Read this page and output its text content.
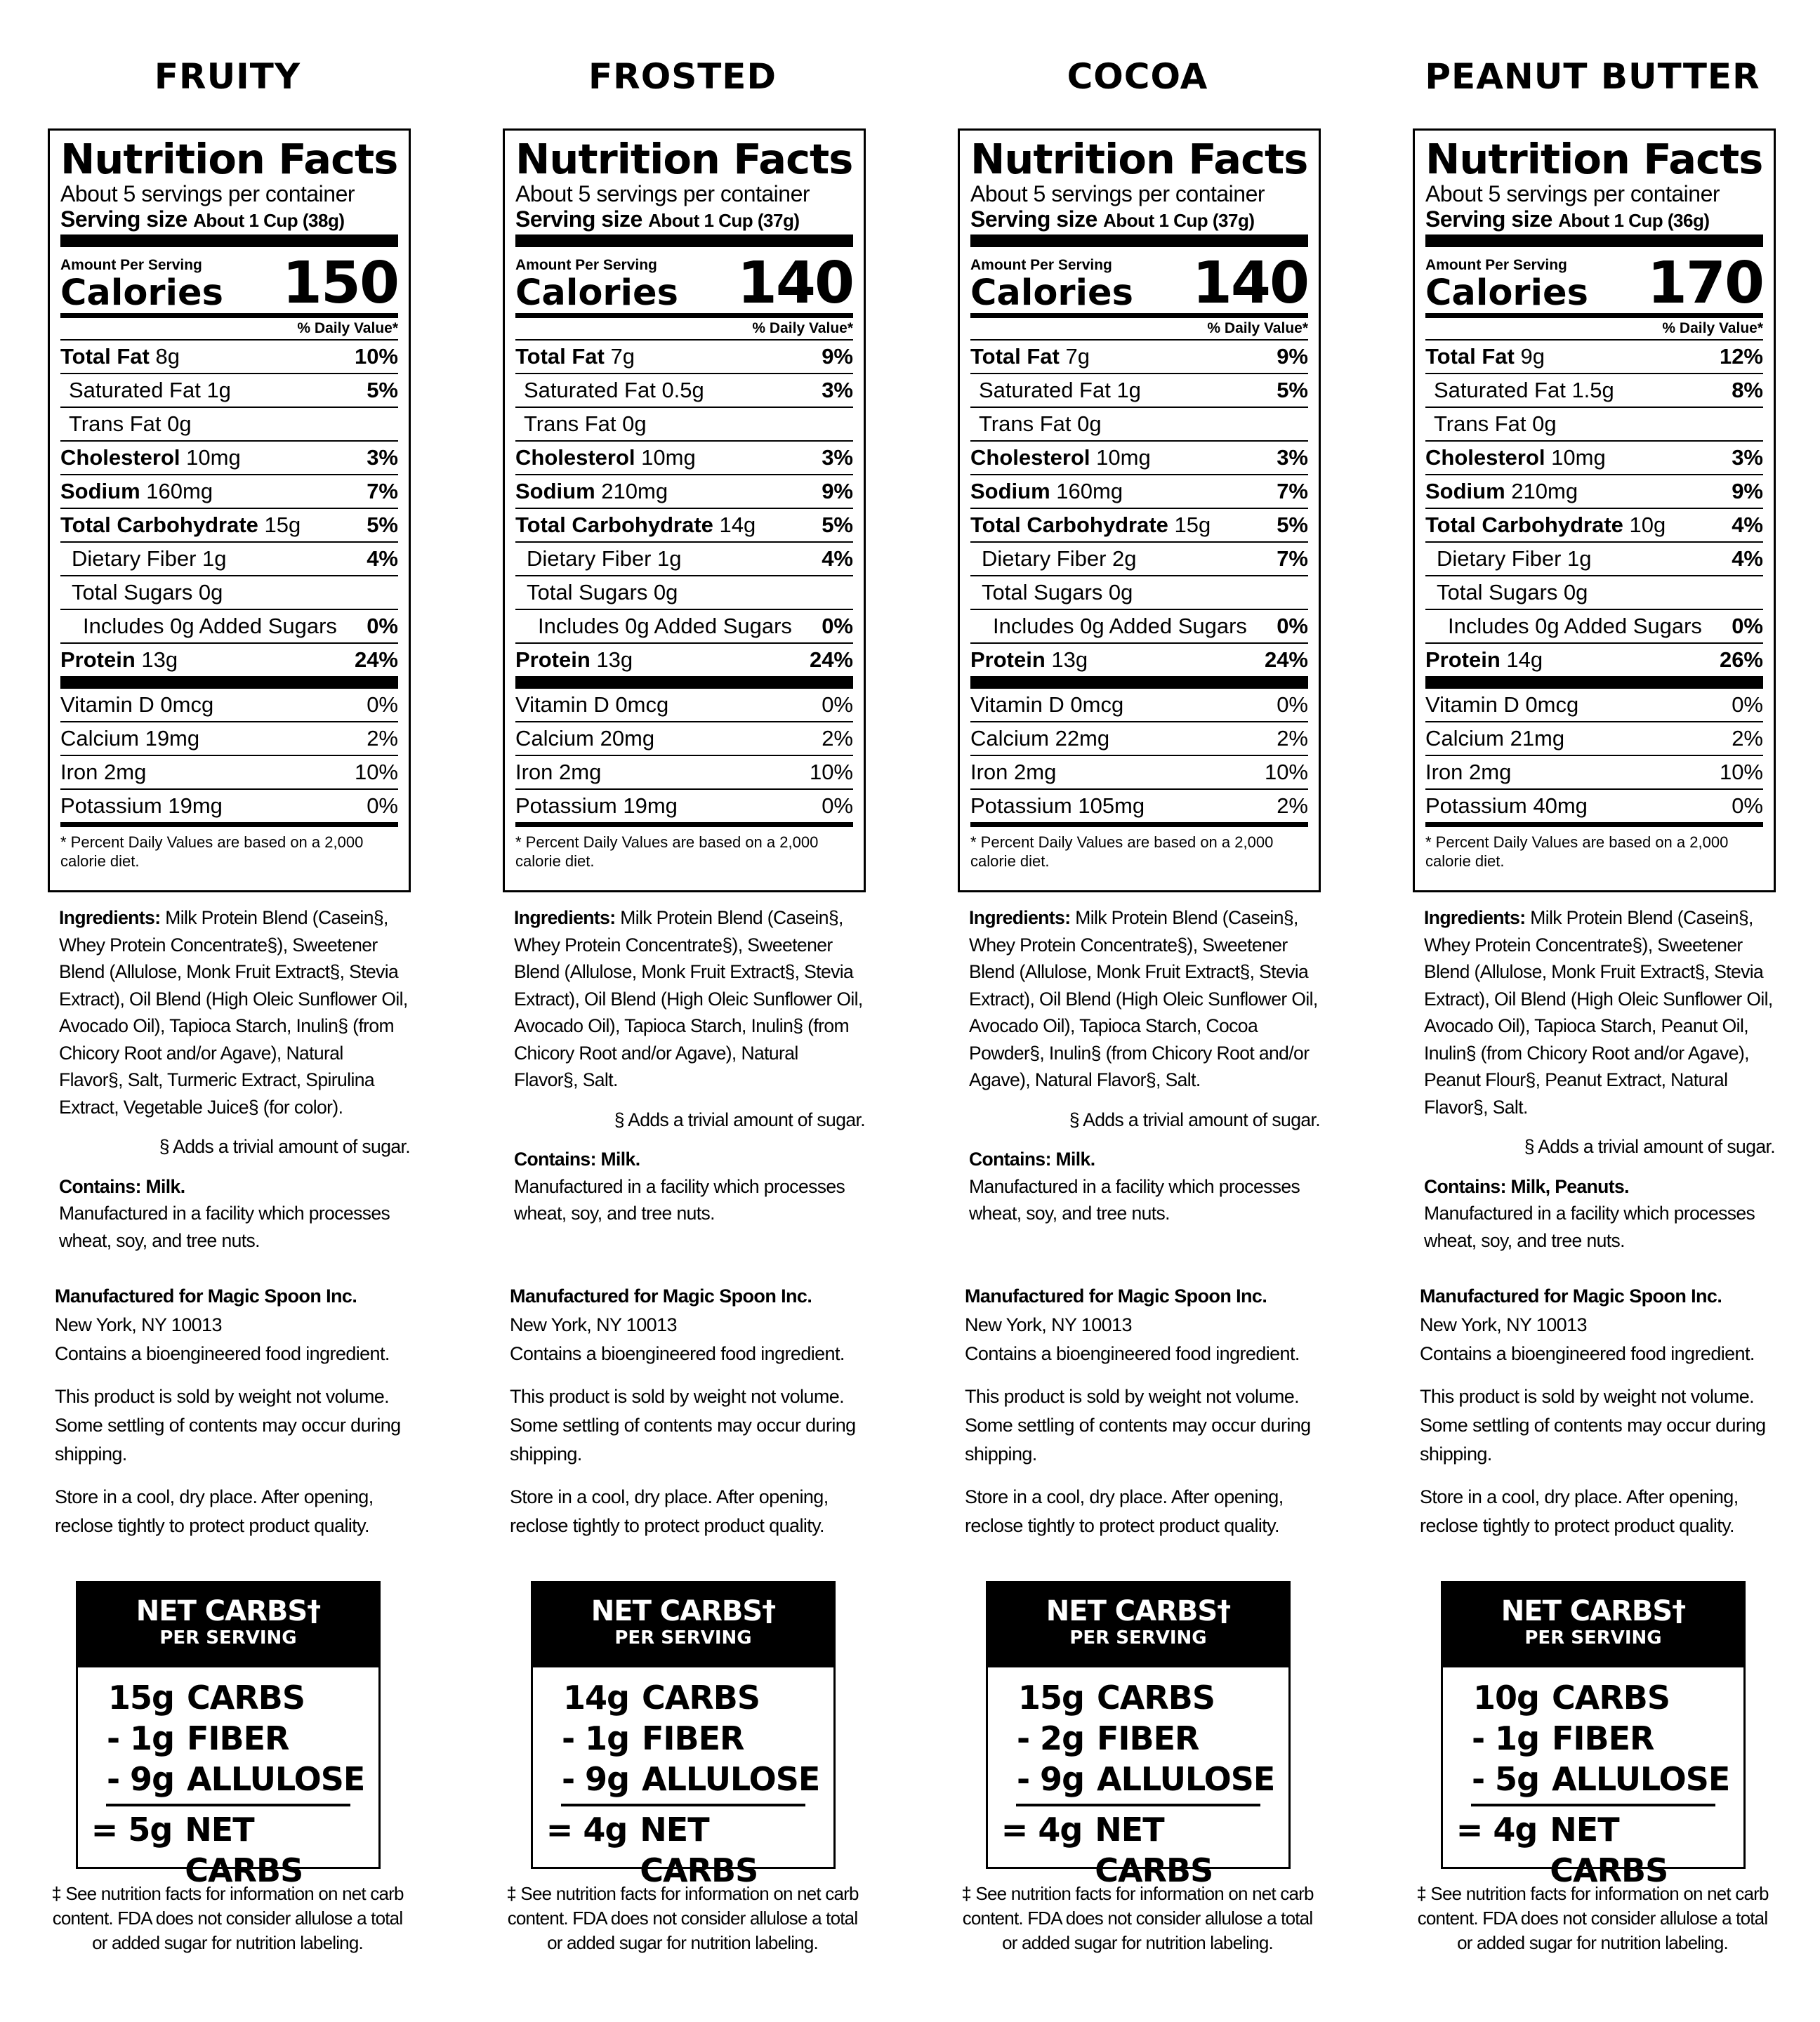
FRUITY
Nutrition Facts
About 5 servings per container
Serving size About 1 Cup (38g)
Amount Per Serving
Calories 150
% Daily Value*
Total Fat 8g	10%
Saturated Fat 1g	5%
Trans Fat 0g
Cholesterol 10mg	3%
Sodium 160mg	7%
Total Carbohydrate 15g	5%
Dietary Fiber 1g	4%
Total Sugars 0g
Includes 0g Added Sugars 0%
Protein 13g	24%
Vitamin D 0mcg	0%
Calcium 19mg	2%
Iron 2mg	10%
Potassium 19mg	0%
* Percent Daily Values are based on a 2,000 calorie diet.
Ingredients: Milk Protein Blend (Casein§, Whey Protein Concentrate§), Sweetener Blend (Allulose, Monk Fruit Extract§, Stevia Extract), Oil Blend (High Oleic Sunflower Oil, Avocado Oil), Tapioca Starch, Inulin§ (from Chicory Root and/or Agave), Natural Flavor§, Salt, Turmeric Extract, Spirulina Extract, Vegetable Juice§ (for color).
§ Adds a trivial amount of sugar.
Contains: Milk.
Manufactured in a facility which processes wheat, soy, and tree nuts.

Manufactured for Magic Spoon Inc.
New York, NY 10013
Contains a bioengineered food ingredient.

This product is sold by weight not volume. Some settling of contents may occur during shipping.

Store in a cool, dry place. After opening, reclose tightly to protect product quality.

NET CARBS†
PER SERVING
15g CARBS
- 1g FIBER
- 9g ALLULOSE
= 5g NET CARBS
‡ See nutrition facts for information on net carb content. FDA does not consider allulose a total or added sugar for nutrition labeling.
FROSTED
Nutrition Facts
About 5 servings per container
Serving size About 1 Cup (37g)
Amount Per Serving
Calories 140
% Daily Value*
Total Fat 7g	9%
Saturated Fat 0.5g	3%
Trans Fat 0g
Cholesterol 10mg	3%
Sodium 210mg	9%
Total Carbohydrate 14g	5%
Dietary Fiber 1g	4%
Total Sugars 0g
Includes 0g Added Sugars 0%
Protein 13g	24%
Vitamin D 0mcg	0%
Calcium 20mg	2%
Iron 2mg	10%
Potassium 19mg	0%
* Percent Daily Values are based on a 2,000 calorie diet.
Ingredients: Milk Protein Blend (Casein§, Whey Protein Concentrate§), Sweetener Blend (Allulose, Monk Fruit Extract§, Stevia Extract), Oil Blend (High Oleic Sunflower Oil, Avocado Oil), Tapioca Starch, Inulin§ (from Chicory Root and/or Agave), Natural Flavor§, Salt.
§ Adds a trivial amount of sugar.
Contains: Milk.
Manufactured in a facility which processes wheat, soy, and tree nuts.

Manufactured for Magic Spoon Inc.
New York, NY 10013
Contains a bioengineered food ingredient.

This product is sold by weight not volume. Some settling of contents may occur during shipping.

Store in a cool, dry place. After opening, reclose tightly to protect product quality.

NET CARBS†
PER SERVING
14g CARBS
- 1g FIBER
- 9g ALLULOSE
= 4g NET CARBS
‡ See nutrition facts for information on net carb content. FDA does not consider allulose a total or added sugar for nutrition labeling.
COCOA
Nutrition Facts
About 5 servings per container
Serving size About 1 Cup (37g)
Amount Per Serving
Calories 140
% Daily Value*
Total Fat 7g	9%
Saturated Fat 1g	5%
Trans Fat 0g
Cholesterol 10mg	3%
Sodium 160mg	7%
Total Carbohydrate 15g	5%
Dietary Fiber 2g	7%
Total Sugars 0g
Includes 0g Added Sugars 0%
Protein 13g	24%
Vitamin D 0mcg	0%
Calcium 22mg	2%
Iron 2mg	10%
Potassium 105mg	2%
* Percent Daily Values are based on a 2,000 calorie diet.
Ingredients: Milk Protein Blend (Casein§, Whey Protein Concentrate§), Sweetener Blend (Allulose, Monk Fruit Extract§, Stevia Extract), Oil Blend (High Oleic Sunflower Oil, Avocado Oil), Tapioca Starch, Cocoa Powder§, Inulin§ (from Chicory Root and/or Agave), Natural Flavor§, Salt.
§ Adds a trivial amount of sugar.
Contains: Milk.
Manufactured in a facility which processes wheat, soy, and tree nuts.

Manufactured for Magic Spoon Inc.
New York, NY 10013
Contains a bioengineered food ingredient.

This product is sold by weight not volume. Some settling of contents may occur during shipping.

Store in a cool, dry place. After opening, reclose tightly to protect product quality.

NET CARBS†
PER SERVING
15g CARBS
- 2g FIBER
- 9g ALLULOSE
= 4g NET CARBS
‡ See nutrition facts for information on net carb content. FDA does not consider allulose a total or added sugar for nutrition labeling.
PEANUT BUTTER
Nutrition Facts
About 5 servings per container
Serving size About 1 Cup (36g)
Amount Per Serving
Calories 170
% Daily Value*
Total Fat 9g	12%
Saturated Fat 1.5g	8%
Trans Fat 0g
Cholesterol 10mg	3%
Sodium 210mg	9%
Total Carbohydrate 10g	4%
Dietary Fiber 1g	4%
Total Sugars 0g
Includes 0g Added Sugars 0%
Protein 14g	26%
Vitamin D 0mcg	0%
Calcium 21mg	2%
Iron 2mg	10%
Potassium 40mg	0%
* Percent Daily Values are based on a 2,000 calorie diet.
Ingredients: Milk Protein Blend (Casein§, Whey Protein Concentrate§), Sweetener Blend (Allulose, Monk Fruit Extract§, Stevia Extract), Oil Blend (High Oleic Sunflower Oil, Avocado Oil), Tapioca Starch, Peanut Oil, Inulin§ (from Chicory Root and/or Agave), Peanut Flour§, Peanut Extract, Natural Flavor§, Salt.
§ Adds a trivial amount of sugar.
Contains: Milk, Peanuts.
Manufactured in a facility which processes wheat, soy, and tree nuts.

Manufactured for Magic Spoon Inc.
New York, NY 10013
Contains a bioengineered food ingredient.

This product is sold by weight not volume. Some settling of contents may occur during shipping.

Store in a cool, dry place. After opening, reclose tightly to protect product quality.

NET CARBS†
PER SERVING
10g CARBS
- 1g FIBER
- 5g ALLULOSE
= 4g NET CARBS
‡ See nutrition facts for information on net carb content. FDA does not consider allulose a total or added sugar for nutrition labeling.
